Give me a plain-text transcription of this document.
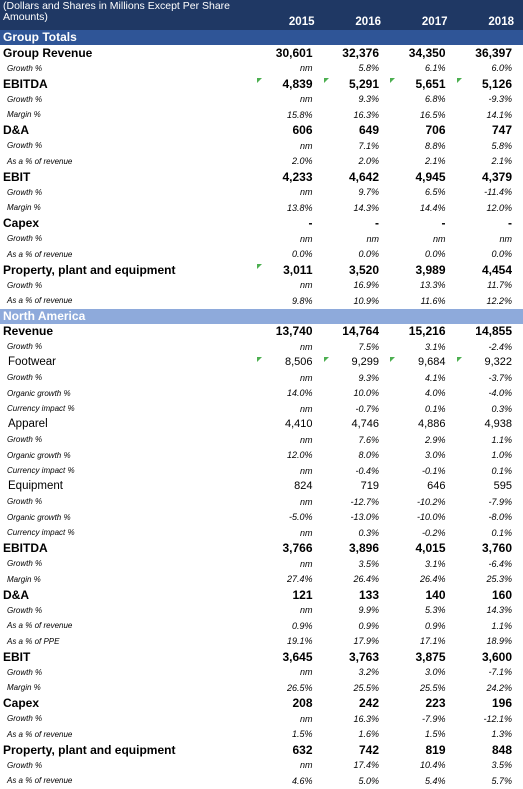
(Dollars and Shares in Millions Except Per Share
Amounts)	2015	2016	2017	2018
Group Totals
Group Revenue	30,601	32,376	34,350	36,397
Growth %	nm	5.8%	6.1%	6.0%
EBITDA	4,839	5,291	5,651	5,126
Growth %	nm	9.3%	6.8%	-9.3%
Margin %	15.8%	16.3%	16.5%	14.1%
D&A	606	649	706	747
Growth %	nm	7.1%	8.8%	5.8%
As a % of revenue	2.0%	2.0%	2.1%	2.1%
EBIT	4,233	4,642	4,945	4,379
Growth %	nm	9.7%	6.5%	-11.4%
Margin %	13.8%	14.3%	14.4%	12.0%
Capex	-	-	-	-
Growth %	nm	nm	nm	nm
As a % of revenue	0.0%	0.0%	0.0%	0.0%
Property, plant and equipment	3,011	3,520	3,989	4,454
Growth %	nm	16.9%	13.3%	11.7%
As a % of revenue	9.8%	10.9%	11.6%	12.2%
North America
Revenue	13,740	14,764	15,216	14,855
Growth %	nm	7.5%	3.1%	-2.4%
Footwear	8,506	9,299	9,684	9,322
Growth %	nm	9.3%	4.1%	-3.7%
Organic growth %	14.0%	10.0%	4.0%	-4.0%
Currency impact %	nm	-0.7%	0.1%	0.3%
Apparel	4,410	4,746	4,886	4,938
Growth %	nm	7.6%	2.9%	1.1%
Organic growth %	12.0%	8.0%	3.0%	1.0%
Currency impact %	nm	-0.4%	-0.1%	0.1%
Equipment	824	719	646	595
Growth %	nm	-12.7%	-10.2%	-7.9%
Organic growth %	-5.0%	-13.0%	-10.0%	-8.0%
Currency impact %	nm	0.3%	-0.2%	0.1%
EBITDA	3,766	3,896	4,015	3,760
Growth %	nm	3.5%	3.1%	-6.4%
Margin %	27.4%	26.4%	26.4%	25.3%
D&A	121	133	140	160
Growth %	nm	9.9%	5.3%	14.3%
As a % of revenue	0.9%	0.9%	0.9%	1.1%
As a % of PPE	19.1%	17.9%	17.1%	18.9%
EBIT	3,645	3,763	3,875	3,600
Growth %	nm	3.2%	3.0%	-7.1%
Margin %	26.5%	25.5%	25.5%	24.2%
Capex	208	242	223	196
Growth %	nm	16.3%	-7.9%	-12.1%
As a % of revenue	1.5%	1.6%	1.5%	1.3%
Property, plant and equipment	632	742	819	848
Growth %	nm	17.4%	10.4%	3.5%
As a % of revenue	4.6%	5.0%	5.4%	5.7%
